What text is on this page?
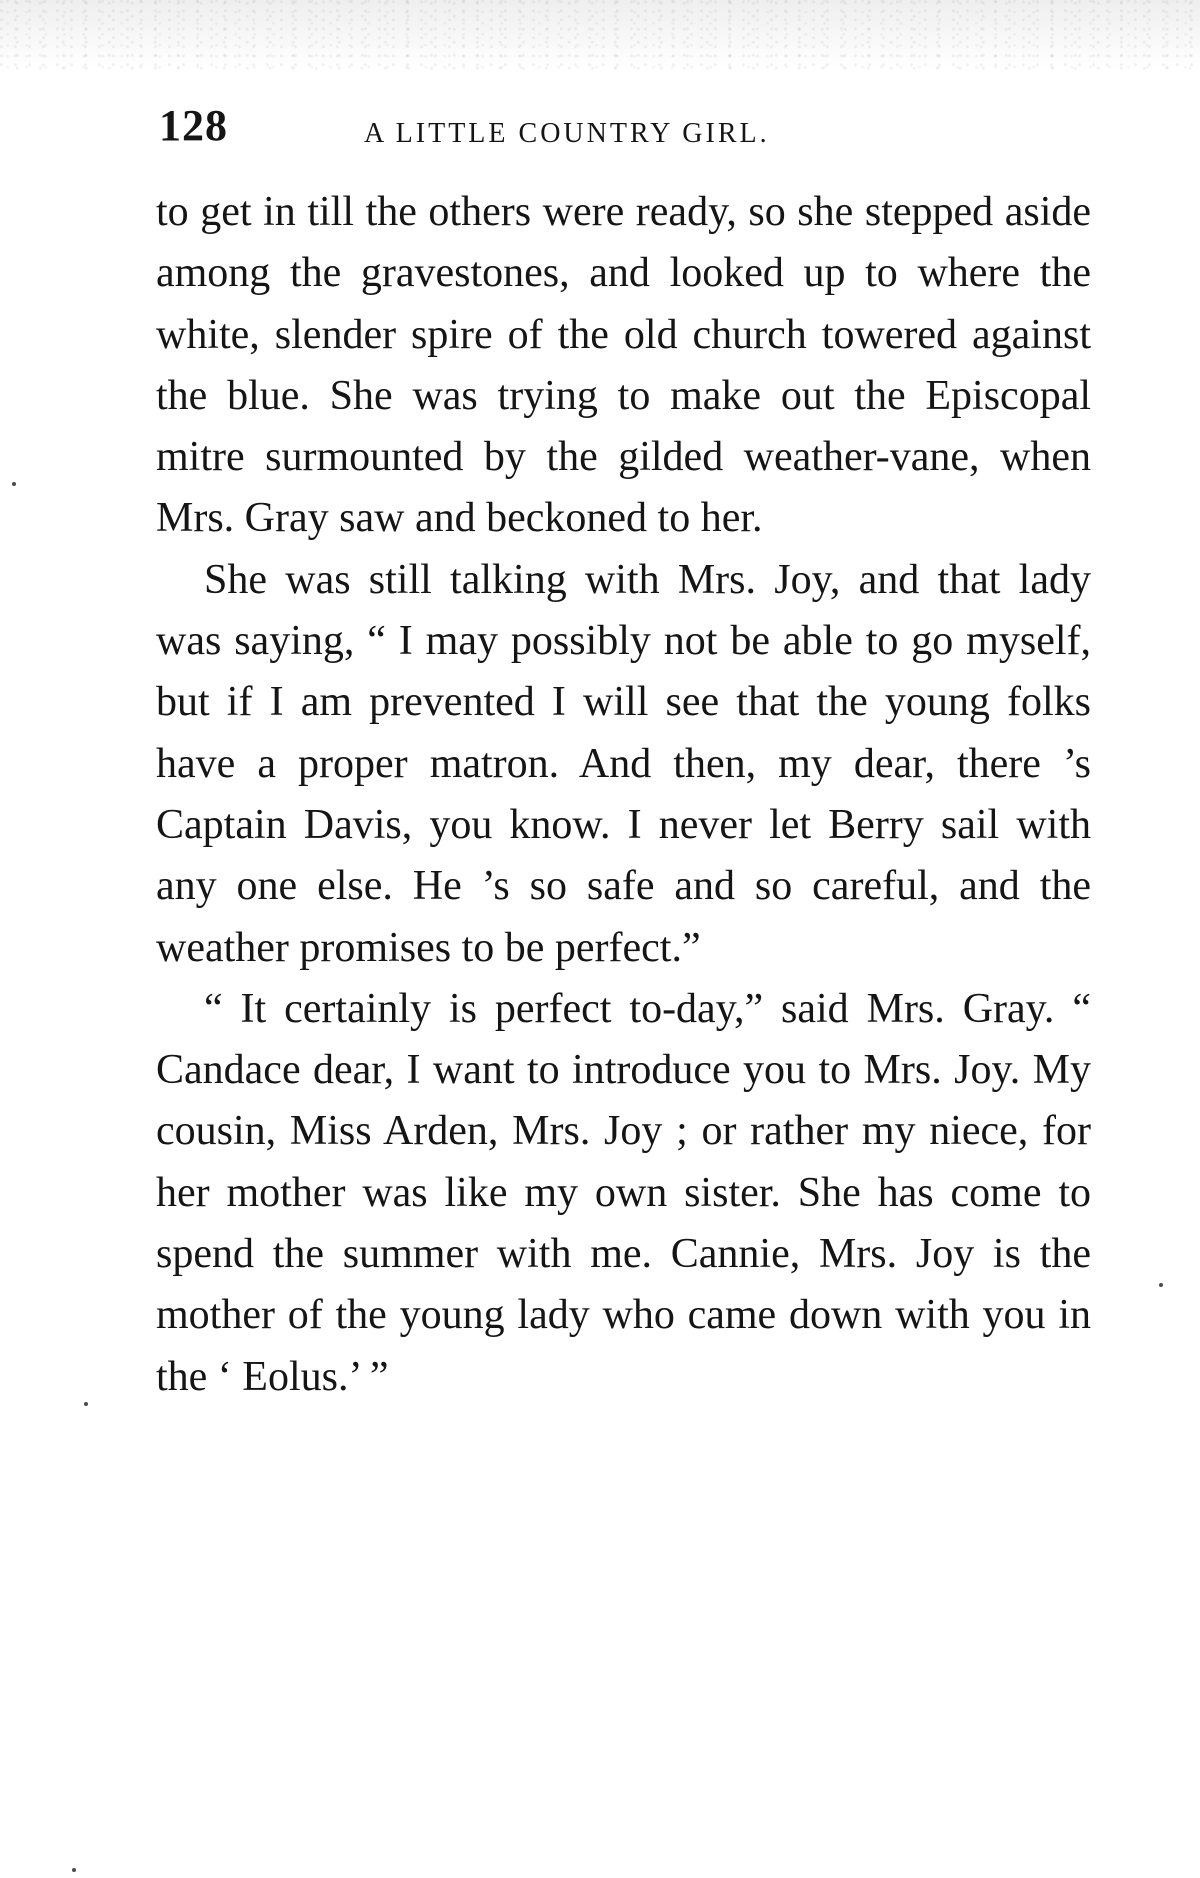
128	A LITTLE COUNTRY GIRL.

to get in till the others were ready, so she stepped aside among the gravestones, and looked up to where the white, slender spire of the old church towered against the blue. She was trying to make out the Episcopal mitre surmounted by the gilded weather-vane, when Mrs. Gray saw and beckoned to her.

She was still talking with Mrs. Joy, and that lady was saying, “ I may possibly not be able to go myself, but if I am prevented I will see that the young folks have a proper matron. And then, my dear, there ’s Captain Davis, you know. I never let Berry sail with any one else. He ’s so safe and so careful, and the weather promises to be perfect.”

“ It certainly is perfect to-day,” said Mrs. Gray. “ Candace dear, I want to introduce you to Mrs. Joy. My cousin, Miss Arden, Mrs. Joy ; or rather my niece, for her mother was like my own sister. She has come to spend the summer with me. Cannie, Mrs. Joy is the mother of the young lady who came down with you in the ‘ Eolus.’ ”
